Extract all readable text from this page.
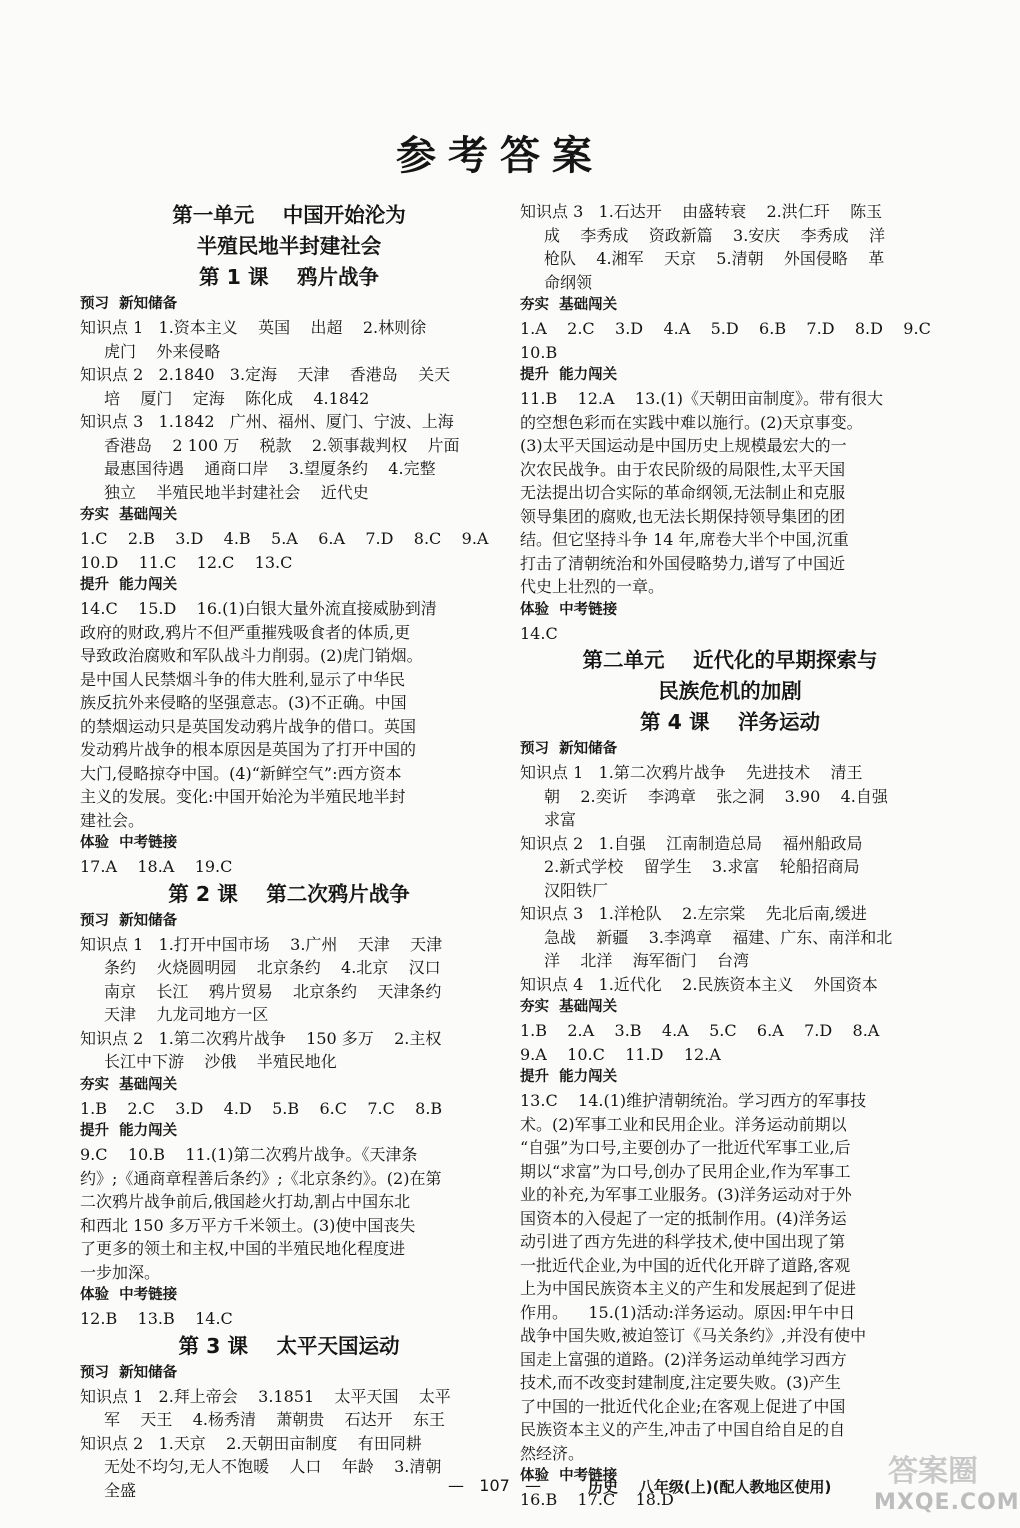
参考答案
第一单元    中国开始沦为
半殖民地半封建社会
第 1 课    鸦片战争
预习  新知储备
知识点 1   1.资本主义    英国    出超    2.林则徐
虎门    外来侵略
知识点 2   2.1840   3.定海    天津    香港岛    关天
培    厦门    定海    陈化成    4.1842
知识点 3   1.1842   广州、福州、厦门、宁波、上海
香港岛    2 100 万    税款    2.领事裁判权    片面
最惠国待遇    通商口岸    3.望厦条约    4.完整
独立    半殖民地半封建社会    近代史
夯实  基础闯关
1.C    2.B    3.D    4.B    5.A    6.A    7.D    8.C    9.A
10.D    11.C    12.C    13.C
提升  能力闯关
14.C    15.D    16.(1)白银大量外流直接威胁到清
政府的财政,鸦片不但严重摧残吸食者的体质,更
导致政治腐败和军队战斗力削弱。(2)虎门销烟。
是中国人民禁烟斗争的伟大胜利,显示了中华民
族反抗外来侵略的坚强意志。(3)不正确。中国
的禁烟运动只是英国发动鸦片战争的借口。英国
发动鸦片战争的根本原因是英国为了打开中国的
大门,侵略掠夺中国。(4)“新鲜空气”:西方资本
主义的发展。变化:中国开始沦为半殖民地半封
建社会。
体验  中考链接
17.A    18.A    19.C
第 2 课    第二次鸦片战争
预习  新知储备
知识点 1   1.打开中国市场    3.广州    天津    天津
条约    火烧圆明园    北京条约    4.北京    汉口
南京    长江    鸦片贸易    北京条约    天津条约
天津    九龙司地方一区
知识点 2   1.第二次鸦片战争    150 多万    2.主权
长江中下游    沙俄    半殖民地化
夯实  基础闯关
1.B    2.C    3.D    4.D    5.B    6.C    7.C    8.B
提升  能力闯关
9.C    10.B    11.(1)第二次鸦片战争。《天津条
约》;《通商章程善后条约》;《北京条约》。(2)在第
二次鸦片战争前后,俄国趁火打劫,割占中国东北
和西北 150 多万平方千米领土。(3)使中国丧失
了更多的领土和主权,中国的半殖民地化程度进
一步加深。
体验  中考链接
12.B    13.B    14.C
第 3 课    太平天国运动
预习  新知储备
知识点 1   2.拜上帝会    3.1851    太平天国    太平
军    天王    4.杨秀清    萧朝贵    石达开    东王
知识点 2   1.天京    2.天朝田亩制度    有田同耕
无处不均匀,无人不饱暖    人口    年龄    3.清朝
全盛
知识点 3   1.石达开    由盛转衰    2.洪仁玕    陈玉
成    李秀成    资政新篇    3.安庆    李秀成    洋
枪队    4.湘军    天京    5.清朝    外国侵略    革
命纲领
夯实  基础闯关
1.A    2.C    3.D    4.A    5.D    6.B    7.D    8.D    9.C
10.B
提升  能力闯关
11.B    12.A    13.(1)《天朝田亩制度》。带有很大
的空想色彩而在实践中难以施行。(2)天京事变。
(3)太平天国运动是中国历史上规模最宏大的一
次农民战争。由于农民阶级的局限性,太平天国
无法提出切合实际的革命纲领,无法制止和克服
领导集团的腐败,也无法长期保持领导集团的团
结。但它坚持斗争 14 年,席卷大半个中国,沉重
打击了清朝统治和外国侵略势力,谱写了中国近
代史上壮烈的一章。
体验  中考链接
14.C
第二单元    近代化的早期探索与
民族危机的加剧
第 4 课    洋务运动
预习  新知储备
知识点 1   1.第二次鸦片战争    先进技术    清王
朝    2.奕䜣    李鸿章    张之洞    3.90    4.自强
求富
知识点 2   1.自强    江南制造总局    福州船政局
2.新式学校    留学生    3.求富    轮船招商局
汉阳铁厂
知识点 3   1.洋枪队    2.左宗棠    先北后南,缓进
急战    新疆    3.李鸿章    福建、广东、南洋和北
洋    北洋    海军衙门    台湾
知识点 4   1.近代化    2.民族资本主义    外国资本
夯实  基础闯关
1.B    2.A    3.B    4.A    5.C    6.A    7.D    8.A
9.A    10.C    11.D    12.A
提升  能力闯关
13.C    14.(1)维护清朝统治。学习西方的军事技
术。(2)军事工业和民用企业。洋务运动前期以
“自强”为口号,主要创办了一批近代军事工业,后
期以“求富”为口号,创办了民用企业,作为军事工
业的补充,为军事工业服务。(3)洋务运动对于外
国资本的入侵起了一定的抵制作用。(4)洋务运
动引进了西方先进的科学技术,使中国出现了第
一批近代企业,为中国的近代化开辟了道路,客观
上为中国民族资本主义的产生和发展起到了促进
作用。    15.(1)活动:洋务运动。原因:甲午中日
战争中国失败,被迫签订《马关条约》,并没有使中
国走上富强的道路。(2)洋务运动单纯学习西方
技术,而不改变封建制度,注定要失败。(3)产生
了中国的一批近代化企业;在客观上促进了中国
民族资本主义的产生,冲击了中国自给自足的自
然经济。
体验  中考链接
16.B    17.C    18.D
—   107   —	历史    八年级(上)(配人教地区使用)	答案圈
MXQE.COM
